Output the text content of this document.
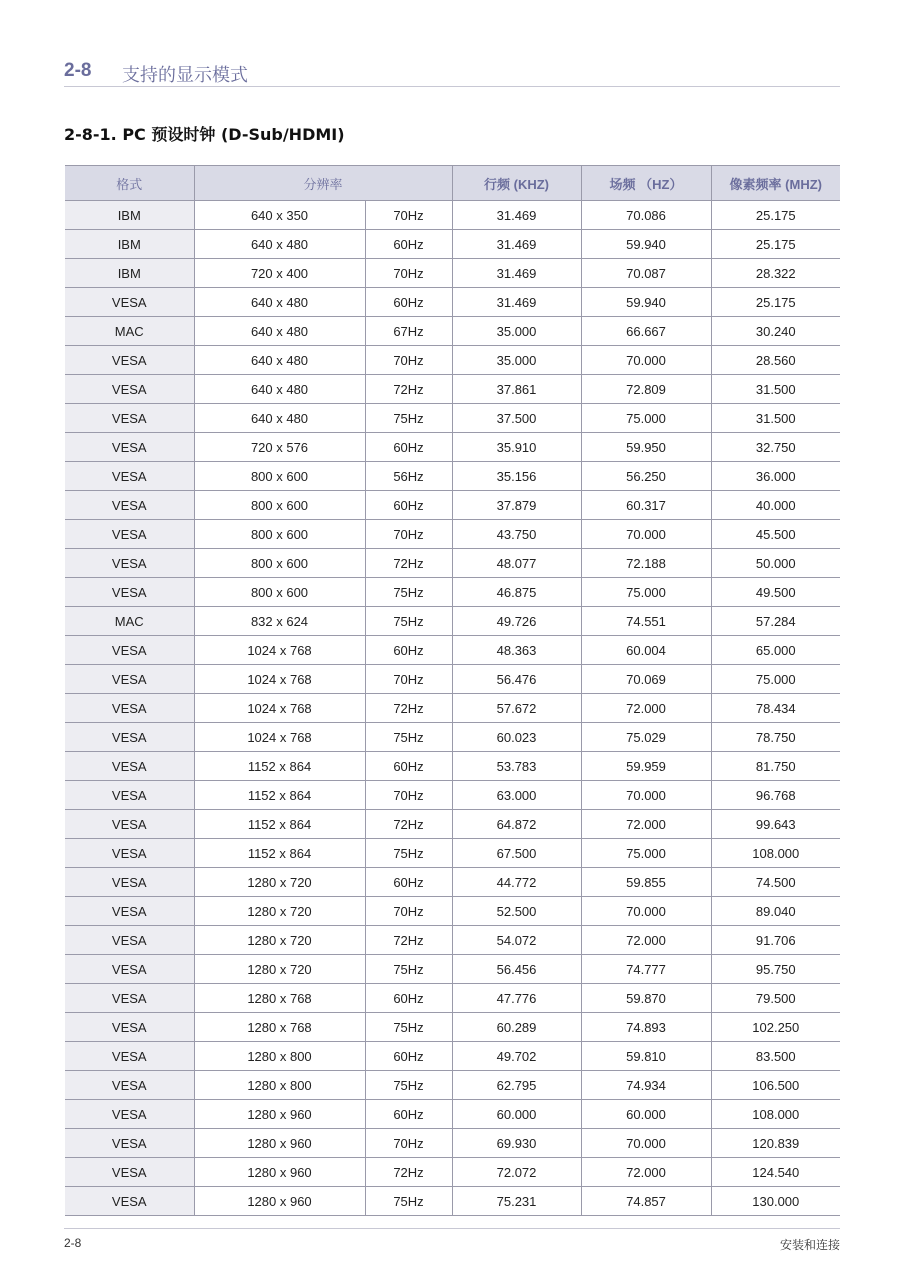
2-8 支持的显示模式
2-8-1. PC 预设时钟 (D-Sub/HDMI)
格式	分辨率		行频 (KHZ)	场频 （HZ）	像素频率 (MHZ)
IBM	640 x 350	70Hz	31.469	70.086	25.175
IBM	640 x 480	60Hz	31.469	59.940	25.175
IBM	720 x 400	70Hz	31.469	70.087	28.322
VESA	640 x 480	60Hz	31.469	59.940	25.175
MAC	640 x 480	67Hz	35.000	66.667	30.240
VESA	640 x 480	70Hz	35.000	70.000	28.560
VESA	640 x 480	72Hz	37.861	72.809	31.500
VESA	640 x 480	75Hz	37.500	75.000	31.500
VESA	720 x 576	60Hz	35.910	59.950	32.750
VESA	800 x 600	56Hz	35.156	56.250	36.000
VESA	800 x 600	60Hz	37.879	60.317	40.000
VESA	800 x 600	70Hz	43.750	70.000	45.500
VESA	800 x 600	72Hz	48.077	72.188	50.000
VESA	800 x 600	75Hz	46.875	75.000	49.500
MAC	832 x 624	75Hz	49.726	74.551	57.284
VESA	1024 x 768	60Hz	48.363	60.004	65.000
VESA	1024 x 768	70Hz	56.476	70.069	75.000
VESA	1024 x 768	72Hz	57.672	72.000	78.434
VESA	1024 x 768	75Hz	60.023	75.029	78.750
VESA	1152 x 864	60Hz	53.783	59.959	81.750
VESA	1152 x 864	70Hz	63.000	70.000	96.768
VESA	1152 x 864	72Hz	64.872	72.000	99.643
VESA	1152 x 864	75Hz	67.500	75.000	108.000
VESA	1280 x 720	60Hz	44.772	59.855	74.500
VESA	1280 x 720	70Hz	52.500	70.000	89.040
VESA	1280 x 720	72Hz	54.072	72.000	91.706
VESA	1280 x 720	75Hz	56.456	74.777	95.750
VESA	1280 x 768	60Hz	47.776	59.870	79.500
VESA	1280 x 768	75Hz	60.289	74.893	102.250
VESA	1280 x 800	60Hz	49.702	59.810	83.500
VESA	1280 x 800	75Hz	62.795	74.934	106.500
VESA	1280 x 960	60Hz	60.000	60.000	108.000
VESA	1280 x 960	70Hz	69.930	70.000	120.839
VESA	1280 x 960	72Hz	72.072	72.000	124.540
VESA	1280 x 960	75Hz	75.231	74.857	130.000
2-8	安装和连接
